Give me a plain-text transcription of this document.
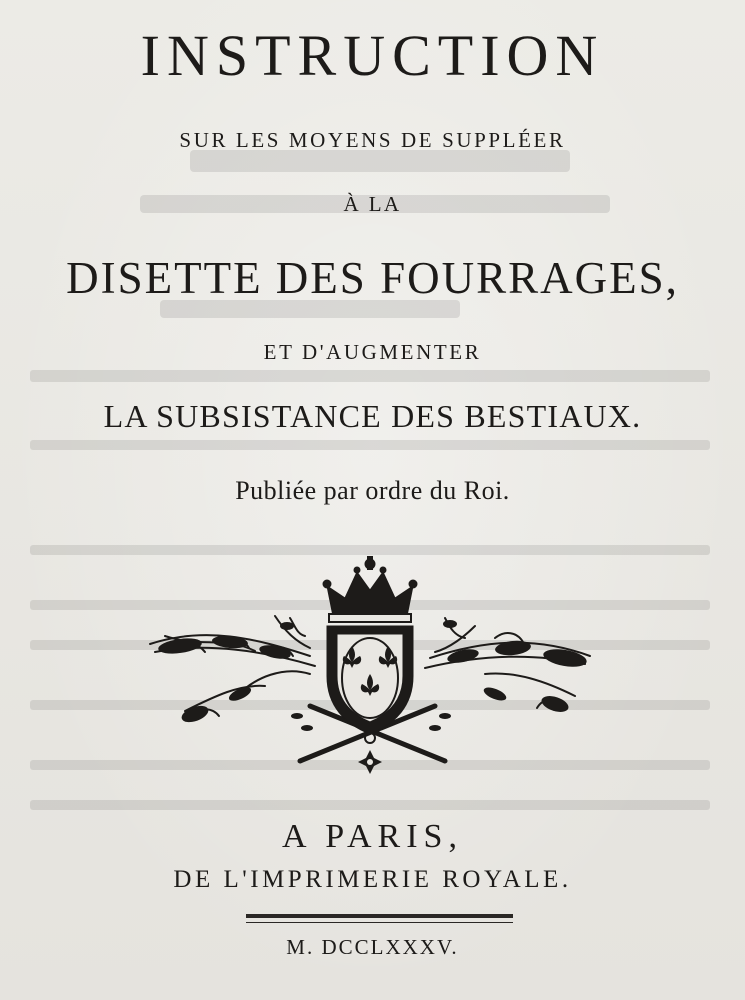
INSTRUCTION
SUR LES MOYENS DE SUPPLÉER
À LA
DISETTE DES FOURRAGES,
ET D'AUGMENTER
LA SUBSISTANCE DES BESTIAUX.
Publiée par ordre du Roi.
A PARIS,
DE L'IMPRIMERIE ROYALE.
M. DCCLXXXV.
